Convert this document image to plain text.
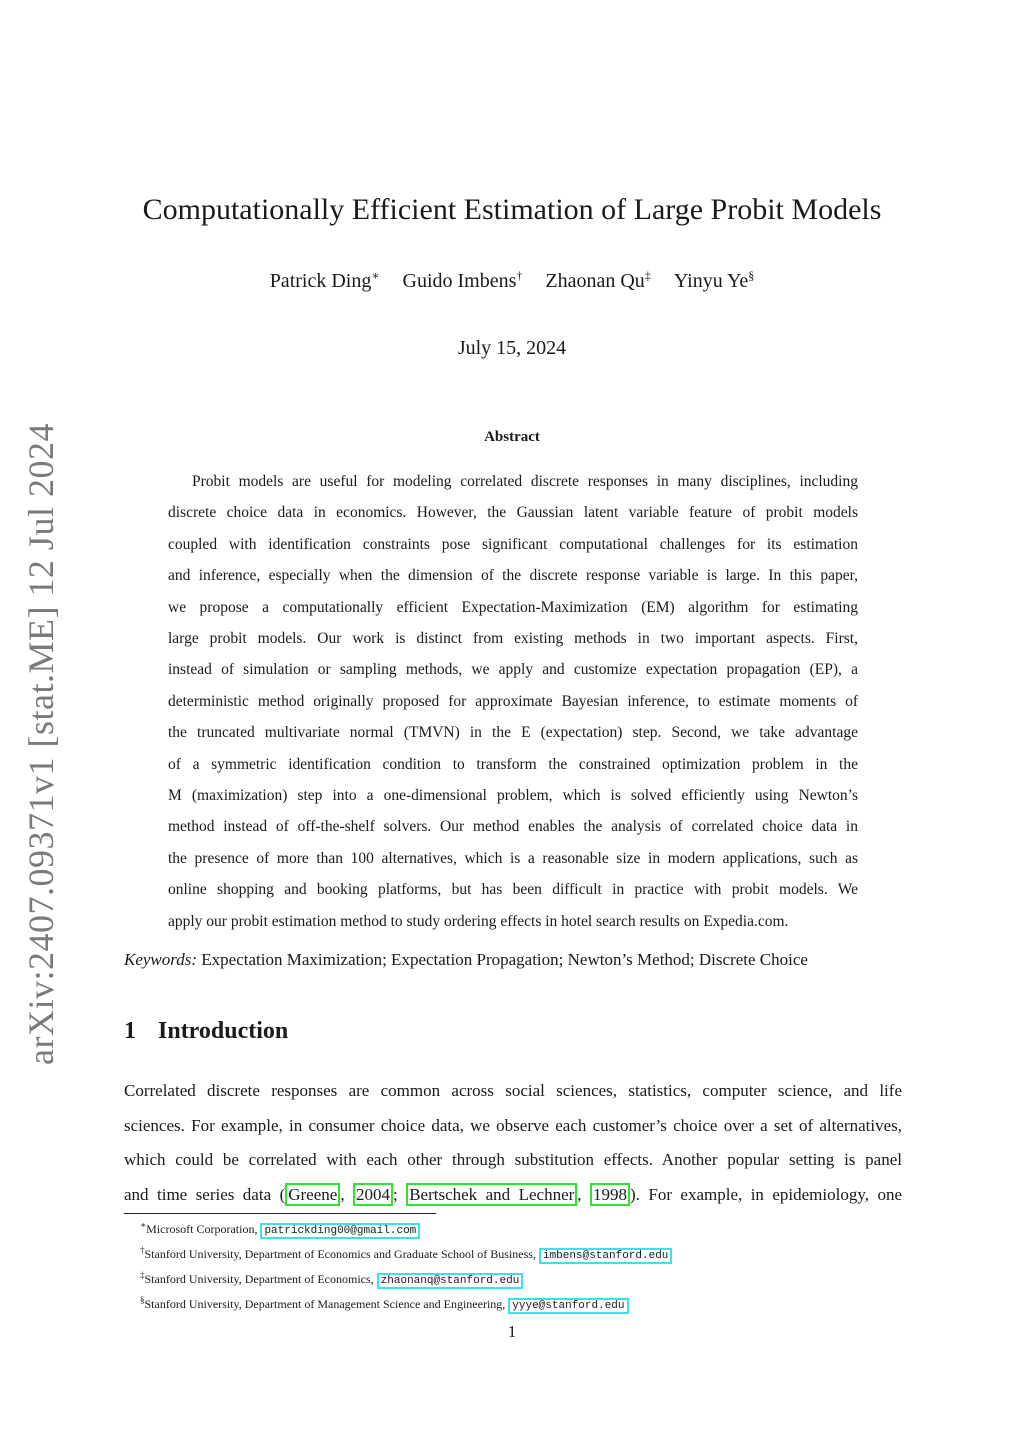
arXiv:2407.09371v1 [stat.ME] 12 Jul 2024
Computationally Efficient Estimation of Large Probit Models
Patrick Ding∗ Guido Imbens† Zhaonan Qu‡ Yinyu Ye§
July 15, 2024
Abstract
Probit models are useful for modeling correlated discrete responses in many disciplines, including
discrete choice data in economics. However, the Gaussian latent variable feature of probit models
coupled with identification constraints pose significant computational challenges for its estimation
and inference, especially when the dimension of the discrete response variable is large. In this paper,
we propose a computationally efficient Expectation-Maximization (EM) algorithm for estimating
large probit models. Our work is distinct from existing methods in two important aspects. First,
instead of simulation or sampling methods, we apply and customize expectation propagation (EP), a
deterministic method originally proposed for approximate Bayesian inference, to estimate moments of
the truncated multivariate normal (TMVN) in the E (expectation) step. Second, we take advantage
of a symmetric identification condition to transform the constrained optimization problem in the
M (maximization) step into a one-dimensional problem, which is solved efficiently using Newton’s
method instead of off-the-shelf solvers. Our method enables the analysis of correlated choice data in
the presence of more than 100 alternatives, which is a reasonable size in modern applications, such as
online shopping and booking platforms, but has been difficult in practice with probit models. We
apply our probit estimation method to study ordering effects in hotel search results on Expedia.com.
Keywords: Expectation Maximization; Expectation Propagation; Newton’s Method; Discrete Choice
1 Introduction
Correlated discrete responses are common across social sciences, statistics, computer science, and life
sciences. For example, in consumer choice data, we observe each customer’s choice over a set of alternatives,
which could be correlated with each other through substitution effects. Another popular setting is panel
and time series data ( Greene , 2004 ; Bertschek and Lechner , 1998 ). For example, in epidemiology, one
∗Microsoft Corporation, patrickding00@gmail.com
†Stanford University, Department of Economics and Graduate School of Business, imbens@stanford.edu
‡Stanford University, Department of Economics, zhaonanq@stanford.edu
§Stanford University, Department of Management Science and Engineering, yyye@stanford.edu
1
